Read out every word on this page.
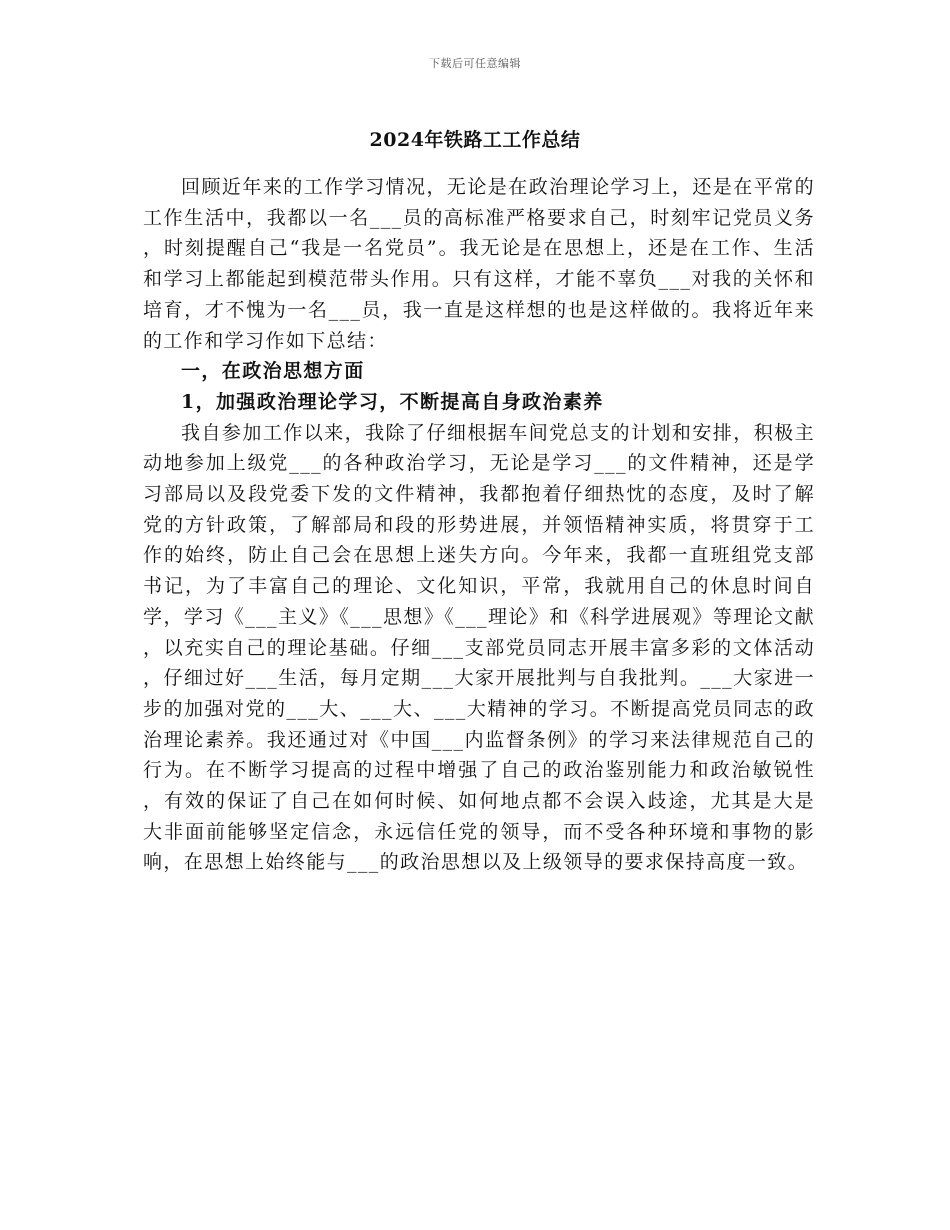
下载后可任意编辑
2024年铁路工工作总结

回顾近年来的工作学习情况，无论是在政治理论学习上，还是在平常的工作生活中，我都以一名___员的高标准严格要求自己，时刻牢记党员义务，时刻提醒自己“我是一名党员”。我无论是在思想上，还是在工作、生活和学习上都能起到模范带头作用。只有这样，才能不辜负___对我的关怀和培育，才不愧为一名___员，我一直是这样想的也是这样做的。我将近年来的工作和学习作如下总结：

一，在政治思想方面
1，加强政治理论学习，不断提高自身政治素养

我自参加工作以来，我除了仔细根据车间党总支的计划和安排，积极主动地参加上级党___的各种政治学习，无论是学习___的文件精神，还是学习部局以及段党委下发的文件精神，我都抱着仔细热忱的态度，及时了解党的方针政策，了解部局和段的形势进展，并领悟精神实质，将贯穿于工作的始终，防止自己会在思想上迷失方向。今年来，我都一直班组党支部书记，为了丰富自己的理论、文化知识，平常，我就用自己的休息时间自学，学习《___主义》《___思想》《___理论》和《科学进展观》等理论文献，以充实自己的理论基础。仔细___支部党员同志开展丰富多彩的文体活动，仔细过好___生活，每月定期___大家开展批判与自我批判。___大家进一步的加强对党的___大、___大、___大精神的学习。不断提高党员同志的政治理论素养。我还通过对《中国___内监督条例》的学习来法律规范自己的行为。在不断学习提高的过程中增强了自己的政治鉴别能力和政治敏锐性，有效的保证了自己在如何时候、如何地点都不会误入歧途，尤其是大是大非面前能够坚定信念，永远信任党的领导，而不受各种环境和事物的影响，在思想上始终能与___的政治思想以及上级领导的要求保持高度一致。
